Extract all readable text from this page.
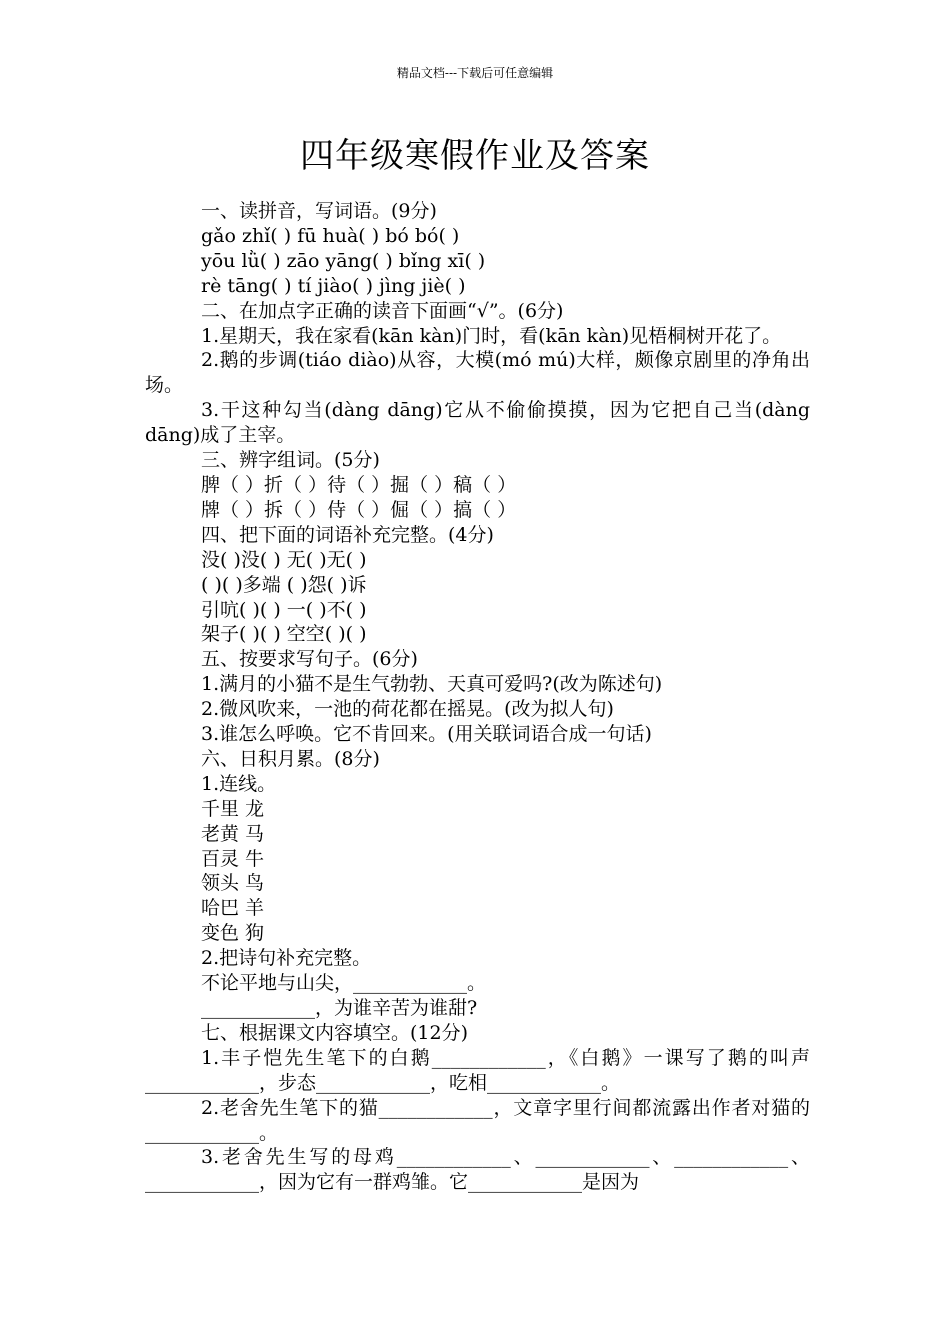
精品文档---下载后可任意编辑
四年级寒假作业及答案
一、读拼音，写词语。(9分)
gǎo zhǐ( ) fū huà( ) bó bó( )
yōu lǜ( ) zāo yāng( ) bǐng xī( )
rè tāng( ) tí jiào( ) jìng jiè( )
二、在加点字正确的读音下面画“√”。(6分)
1.星期天，我在家看(kān kàn)门时，看(kān kàn)见梧桐树开花了。
2.鹅的步调(tiáo diào)从容，大模(mó mú)大样，颇像京剧里的净角出场。
3.干这种勾当(dàng dāng)它从不偷偷摸摸，因为它把自己当(dàng dāng)成了主宰。
三、辨字组词。(5分)
脾（ ）折（ ）待（ ）掘（ ）稿（ ）
牌（ ）拆（ ）侍（ ）倔（ ）搞（ ）
四、把下面的词语补充完整。(4分)
没( )没( ) 无( )无( )
( )( )多端 ( )怨( )诉
引吭( )( ) 一( )不( )
架子( )( ) 空空( )( )
五、按要求写句子。(6分)
1.满月的小猫不是生气勃勃、天真可爱吗?(改为陈述句)
2.微风吹来，一池的荷花都在摇晃。(改为拟人句)
3.谁怎么呼唤。它不肯回来。(用关联词语合成一句话)
六、日积月累。(8分)
1.连线。
千里 龙
老黄 马
百灵 牛
领头 鸟
哈巴 羊
变色 狗
2.把诗句补充完整。
不论平地与山尖，____________。
____________，为谁辛苦为谁甜?
七、根据课文内容填空。(12分)
1.丰子恺先生笔下的白鹅____________，《白鹅》一课写了鹅的叫声____________，步态____________，吃相____________。
2.老舍先生笔下的猫____________，文章字里行间都流露出作者对猫的____________。
3.老舍先生写的母鸡____________、____________、____________、____________，因为它有一群鸡雏。它____________是因为
